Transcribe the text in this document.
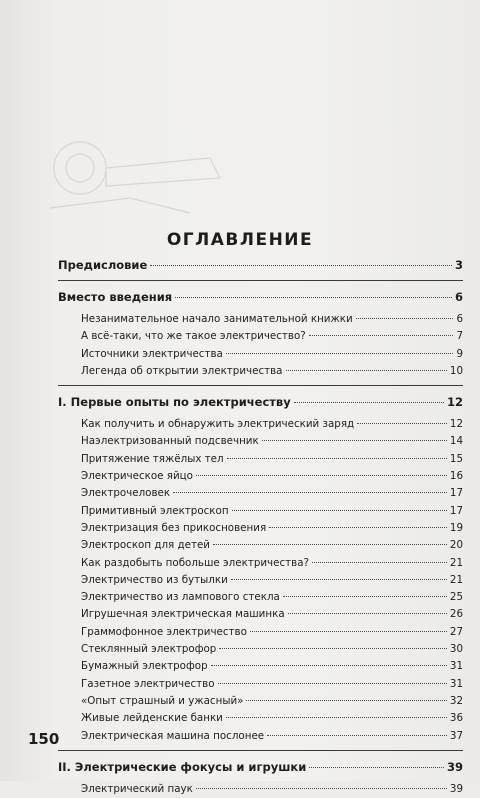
ОГЛАВЛЕНИЕ
Предисловие	3
Вместо введения	6
Незанимательное начало занимательной книжки	6
А всё-таки, что же такое электричество?	7
Источники электричества	9
Легенда об открытии электричества	10
I. Первые опыты по электричеству	12
Как получить и обнаружить электрический заряд	12
Наэлектризованный подсвечник	14
Притяжение тяжёлых тел	15
Электрическое яйцо	16
Электрочеловек	17
Примитивный электроскоп	17
Электризация без прикосновения	19
Электроскоп для детей	20
Как раздобыть побольше электричества?	21
Электричество из бутылки	21
Электричество из лампового стекла	25
Игрушечная электрическая машинка	26
Граммофонное электричество	27
Стеклянный электрофор	30
Бумажный электрофор	31
Газетное электричество	31
«Опыт страшный и ужасный»	32
Живые лейденские банки	36
Электрическая машина послонее	37
II. Электрические фокусы и игрушки	39
Электрический паук	39
150
